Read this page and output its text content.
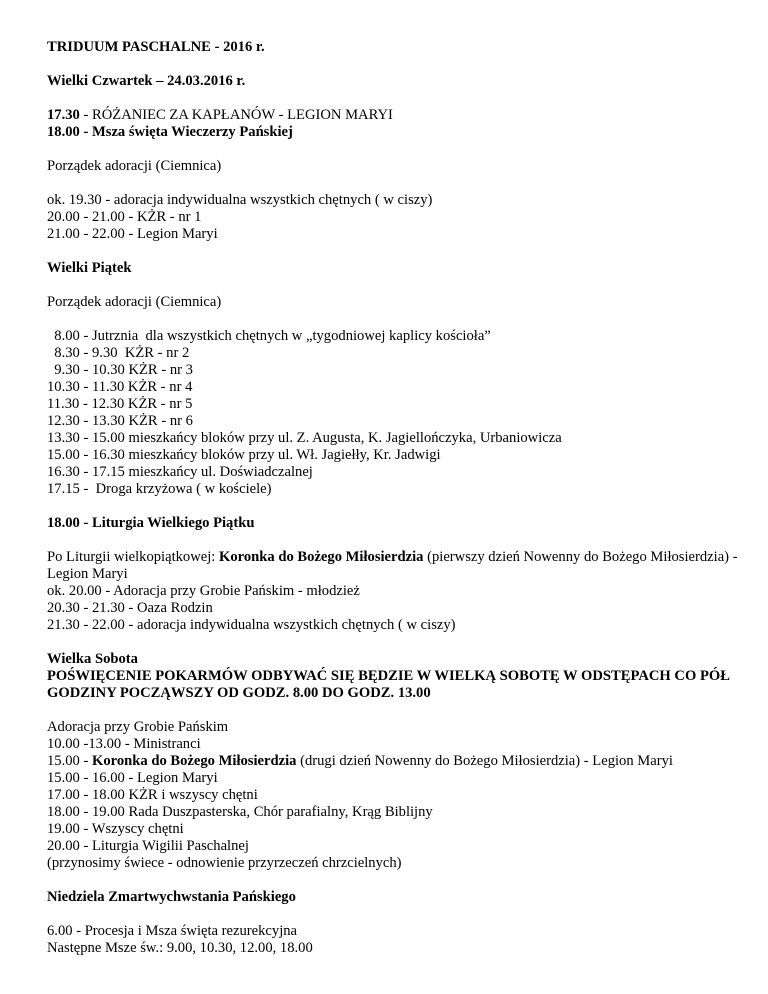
TRIDUUM PASCHALNE - 2016 r.

Wielki Czwartek – 24.03.2016 r.

17.30 - RÓŻANIEC ZA KAPŁANÓW - LEGION MARYI

18.00 - Msza święta Wieczerzy Pańskiej

Porządek adoracji (Ciemnica)

ok. 19.30 - adoracja indywidualna wszystkich chętnych ( w ciszy)

20.00 - 21.00 - KŻR - nr 1

21.00 - 22.00 - Legion Maryi

Wielki Piątek

Porządek adoracji (Ciemnica)

8.00 - Jutrznia  dla wszystkich chętnych w „tygodniowej kaplicy kościoła”

8.30 - 9.30  KŻR - nr 2

9.30 - 10.30 KŻR - nr 3

10.30 - 11.30 KŻR - nr 4

11.30 - 12.30 KŻR - nr 5

12.30 - 13.30 KŻR - nr 6

13.30 - 15.00 mieszkańcy bloków przy ul. Z. Augusta, K. Jagiellończyka, Urbaniowicza

15.00 - 16.30 mieszkańcy bloków przy ul. Wł. Jagiełły, Kr. Jadwigi

16.30 - 17.15 mieszkańcy ul. Doświadczalnej

17.15 -  Droga krzyżowa ( w kościele)

18.00 - Liturgia Wielkiego Piątku

Po Liturgii wielkopiątkowej: Koronka do Bożego Miłosierdzia (pierwszy dzień Nowenny do Bożego Miłosierdzia) - Legion Maryi

ok. 20.00 - Adoracja przy Grobie Pańskim - młodzież

20.30 - 21.30 - Oaza Rodzin

21.30 - 22.00 - adoracja indywidualna wszystkich chętnych ( w ciszy)

Wielka Sobota

POŚWIĘCENIE POKARMÓW ODBYWAĆ SIĘ BĘDZIE W WIELKĄ SOBOTĘ W ODSTĘPACH CO PÓŁ GODZINY POCZĄWSZY OD GODZ. 8.00 DO GODZ. 13.00

Adoracja przy Grobie Pańskim

10.00 -13.00 - Ministranci

15.00 - Koronka do Bożego Miłosierdzia (drugi dzień Nowenny do Bożego Miłosierdzia) - Legion Maryi

15.00 - 16.00 - Legion Maryi

17.00 - 18.00 KŻR i wszyscy chętni

18.00 - 19.00 Rada Duszpasterska, Chór parafialny, Krąg Biblijny

19.00 - Wszyscy chętni

20.00 - Liturgia Wigilii Paschalnej

(przynosimy świece - odnowienie przyrzeczeń chrzcielnych)

Niedziela Zmartwychwstania Pańskiego

6.00 - Procesja i Msza święta rezurekcyjna

Następne Msze św.: 9.00, 10.30, 12.00, 18.00
